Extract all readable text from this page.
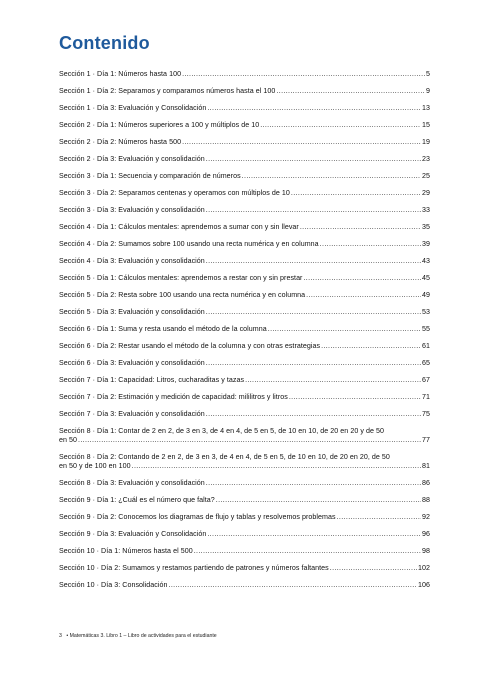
Contenido
Sección 1 · Día 1: Números hasta 100 .....	5
Sección 1 · Día 2: Separamos y comparamos números hasta el 100 .....	9
Sección 1 · Día 3: Evaluación y Consolidación .....	13
Sección 2 · Día 1: Números superiores a 100 y múltiplos de 10 .....	15
Sección 2 · Día 2: Números hasta 500 .....	19
Sección 2 · Día 3: Evaluación y consolidación .....	23
Sección 3 · Día 1: Secuencia y comparación de números .....	25
Sección 3 · Día 2: Separamos centenas y operamos con múltiplos de 10 .....	29
Sección 3 · Día 3: Evaluación y consolidación .....	33
Sección 4 · Día 1: Cálculos mentales: aprendemos a sumar con y sin llevar .....	35
Sección 4 · Día 2: Sumamos sobre 100 usando una recta numérica y en columna .....	39
Sección 4 · Día 3: Evaluación y consolidación .....	43
Sección 5 · Día 1: Cálculos mentales: aprendemos a restar con y sin prestar .....	45
Sección 5 · Día 2: Resta sobre 100 usando una recta numérica y en columna .....	49
Sección 5 · Día 3: Evaluación y consolidación .....	53
Sección 6 · Día 1: Suma y resta usando el método de la columna .....	55
Sección 6 · Día 2: Restar usando el método de la columna y con otras estrategias .....	61
Sección 6 · Día 3: Evaluación y consolidación .....	65
Sección 7 · Día 1: Capacidad: Litros, cucharaditas y tazas .....	67
Sección 7 · Día 2: Estimación y medición de capacidad: mililitros y litros .....	71
Sección 7 · Día 3: Evaluación y consolidación .....	75
Sección 8 · Día 1: Contar de 2 en 2, de 3 en 3, de 4 en 4, de 5 en 5, de 10 en 10, de 20 en 20 y de 50
en 50 .....	77
Sección 8 · Día 2: Contando de 2 en 2, de 3 en 3, de 4 en 4, de 5 en 5, de 10 en 10, de 20 en 20, de 50
en 50 y de 100 en 100 .....	81
Sección 8 · Día 3: Evaluación y consolidación .....	86
Sección 9 · Día 1: ¿Cuál es el número que falta? .....	88
Sección 9 · Día 2: Conocemos los diagramas de flujo y tablas y resolvemos problemas .....	92
Sección 9 · Día 3: Evaluación y Consolidación .....	96
Sección 10 · Día 1: Números hasta el 500 .....	98
Sección 10 · Día 2: Sumamos y restamos partiendo de patrones y números faltantes .....	102
Sección 10 · Día 3: Consolidación .....	106
3 • Matemáticas 3. Libro 1 – Libro de actividades para el estudiante
